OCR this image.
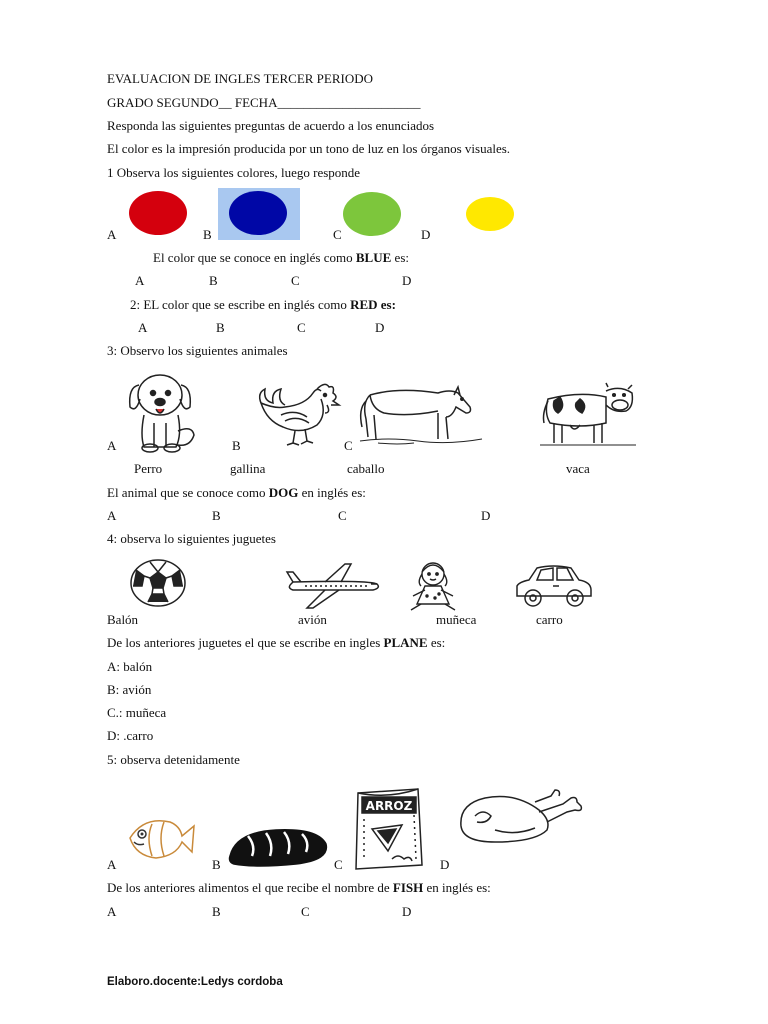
EVALUACION DE INGLES TERCER PERIODO
GRADO SEGUNDO__ FECHA______________________
Responda las siguientes preguntas de acuerdo a los enunciados
El color es la impresión producida por un tono de luz en los órganos visuales.
1 Observa los siguientes colores, luego responde
A	B	C	D
El color que se conoce en inglés como BLUE es:
A	B	C	D
2: EL color que se escribe en inglés como RED es:
A	B	C	D
3: Observo los siguientes animales
A	B	C
Perro	gallina	caballo	vaca
El animal que se conoce como DOG en inglés es:
A	B	C	D
4: observa lo siguientes juguetes
Balón	avión	muñeca	carro
De los anteriores juguetes el que se escribe en ingles PLANE es:
A: balón
B: avión
C.: muñeca
D: .carro
5: observa detenidamente
ARROZ
A	B	C	D
De los anteriores alimentos el que recibe el nombre de FISH en inglés es:
A	B	C	D
Elaboro.docente:Ledys cordoba
